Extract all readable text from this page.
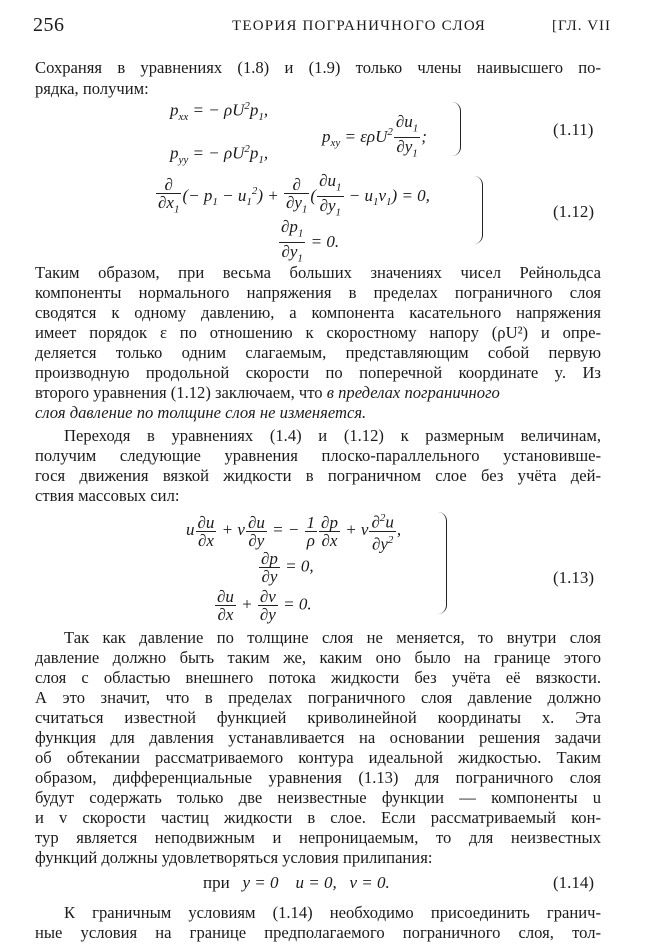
256	ТЕОРИЯ ПОГРАНИЧНОГО СЛОЯ	[ГЛ. VII
Сохраняя в уравнениях (1.8) и (1.9) только члены наивысшего по-
рядка, получим:
$p_{xx}$ = − $\rho U^2p_1$,
$p_{yy}$ = − $\rho U^2p_1$,
$p_{xy} = \varepsilon\rho U^2 \frac{\partial u_1}{\partial y_1}$ ;	(1.11)
$\frac{\partial}{\partial x_1}$ (− $p_1 - u_1^2) + \frac{\partial}{\partial y_1}$ ( $\frac{\partial u_1}{\partial y_1} - u_1v_1) = 0$,
$\frac{\partial p_1}{\partial y_1} = 0$.
(1.12)
Таким образом, при весьма больших значениях чисел Рейнольдса
компоненты нормального напряжения в пределах пограничного слоя
сводятся к одному давлению, а компонента касательного напряжения
имеет порядок ε по отношению к скоростному напору (ρU²) и опре-
деляется только одним слагаемым, представляющим собой первую
производную продольной скорости по поперечной координате y. Из
второго уравнения (1.12) заключаем, что в пределах пограничного
слоя давление по толщине слоя не изменяется.
Переходя в уравнениях (1.4) и (1.12) к размерным величинам,
получим следующие уравнения плоско-параллельного установивше-
гося движения вязкой жидкости в пограничном слое без учёта дей-
ствия массовых сил:
u $\frac{\partial u}{\partial x} + v \frac{\partial u}{\partial y}$ = − $\frac{1}{\rho} \frac{\partial p}{\partial x} + \nu \frac{\partial^2u}{\partial y^2}$ ,
$\frac{\partial p}{\partial y} = 0$,
$\frac{\partial u}{\partial x} + \frac{\partial v}{\partial y} = 0$.
(1.13)
Так как давление по толщине слоя не меняется, то внутри слоя
давление должно быть таким же, каким оно было на границе этого
слоя с областью внешнего потока жидкости без учёта её вязкости.
А это значит, что в пределах пограничного слоя давление должно
считаться известной функцией криволинейной координаты x. Эта
функция для давления устанавливается на основании решения задачи
об обтекании рассматриваемого контура идеальной жидкостью. Таким
образом, дифференциальные уравнения (1.13) для пограничного слоя
будут содержать только две неизвестные функции — компоненты u
и v скорости частиц жидкости в слое. Если рассматриваемый кон-
тур является неподвижным и непроницаемым, то для неизвестных
функций должны удовлетворяться условия прилипания:
при y = 0    u = 0,   v = 0.	(1.14)
К граничным условиям (1.14) необходимо присоединить гранич-
ные условия на границе предполагаемого пограничного слоя, тол-
